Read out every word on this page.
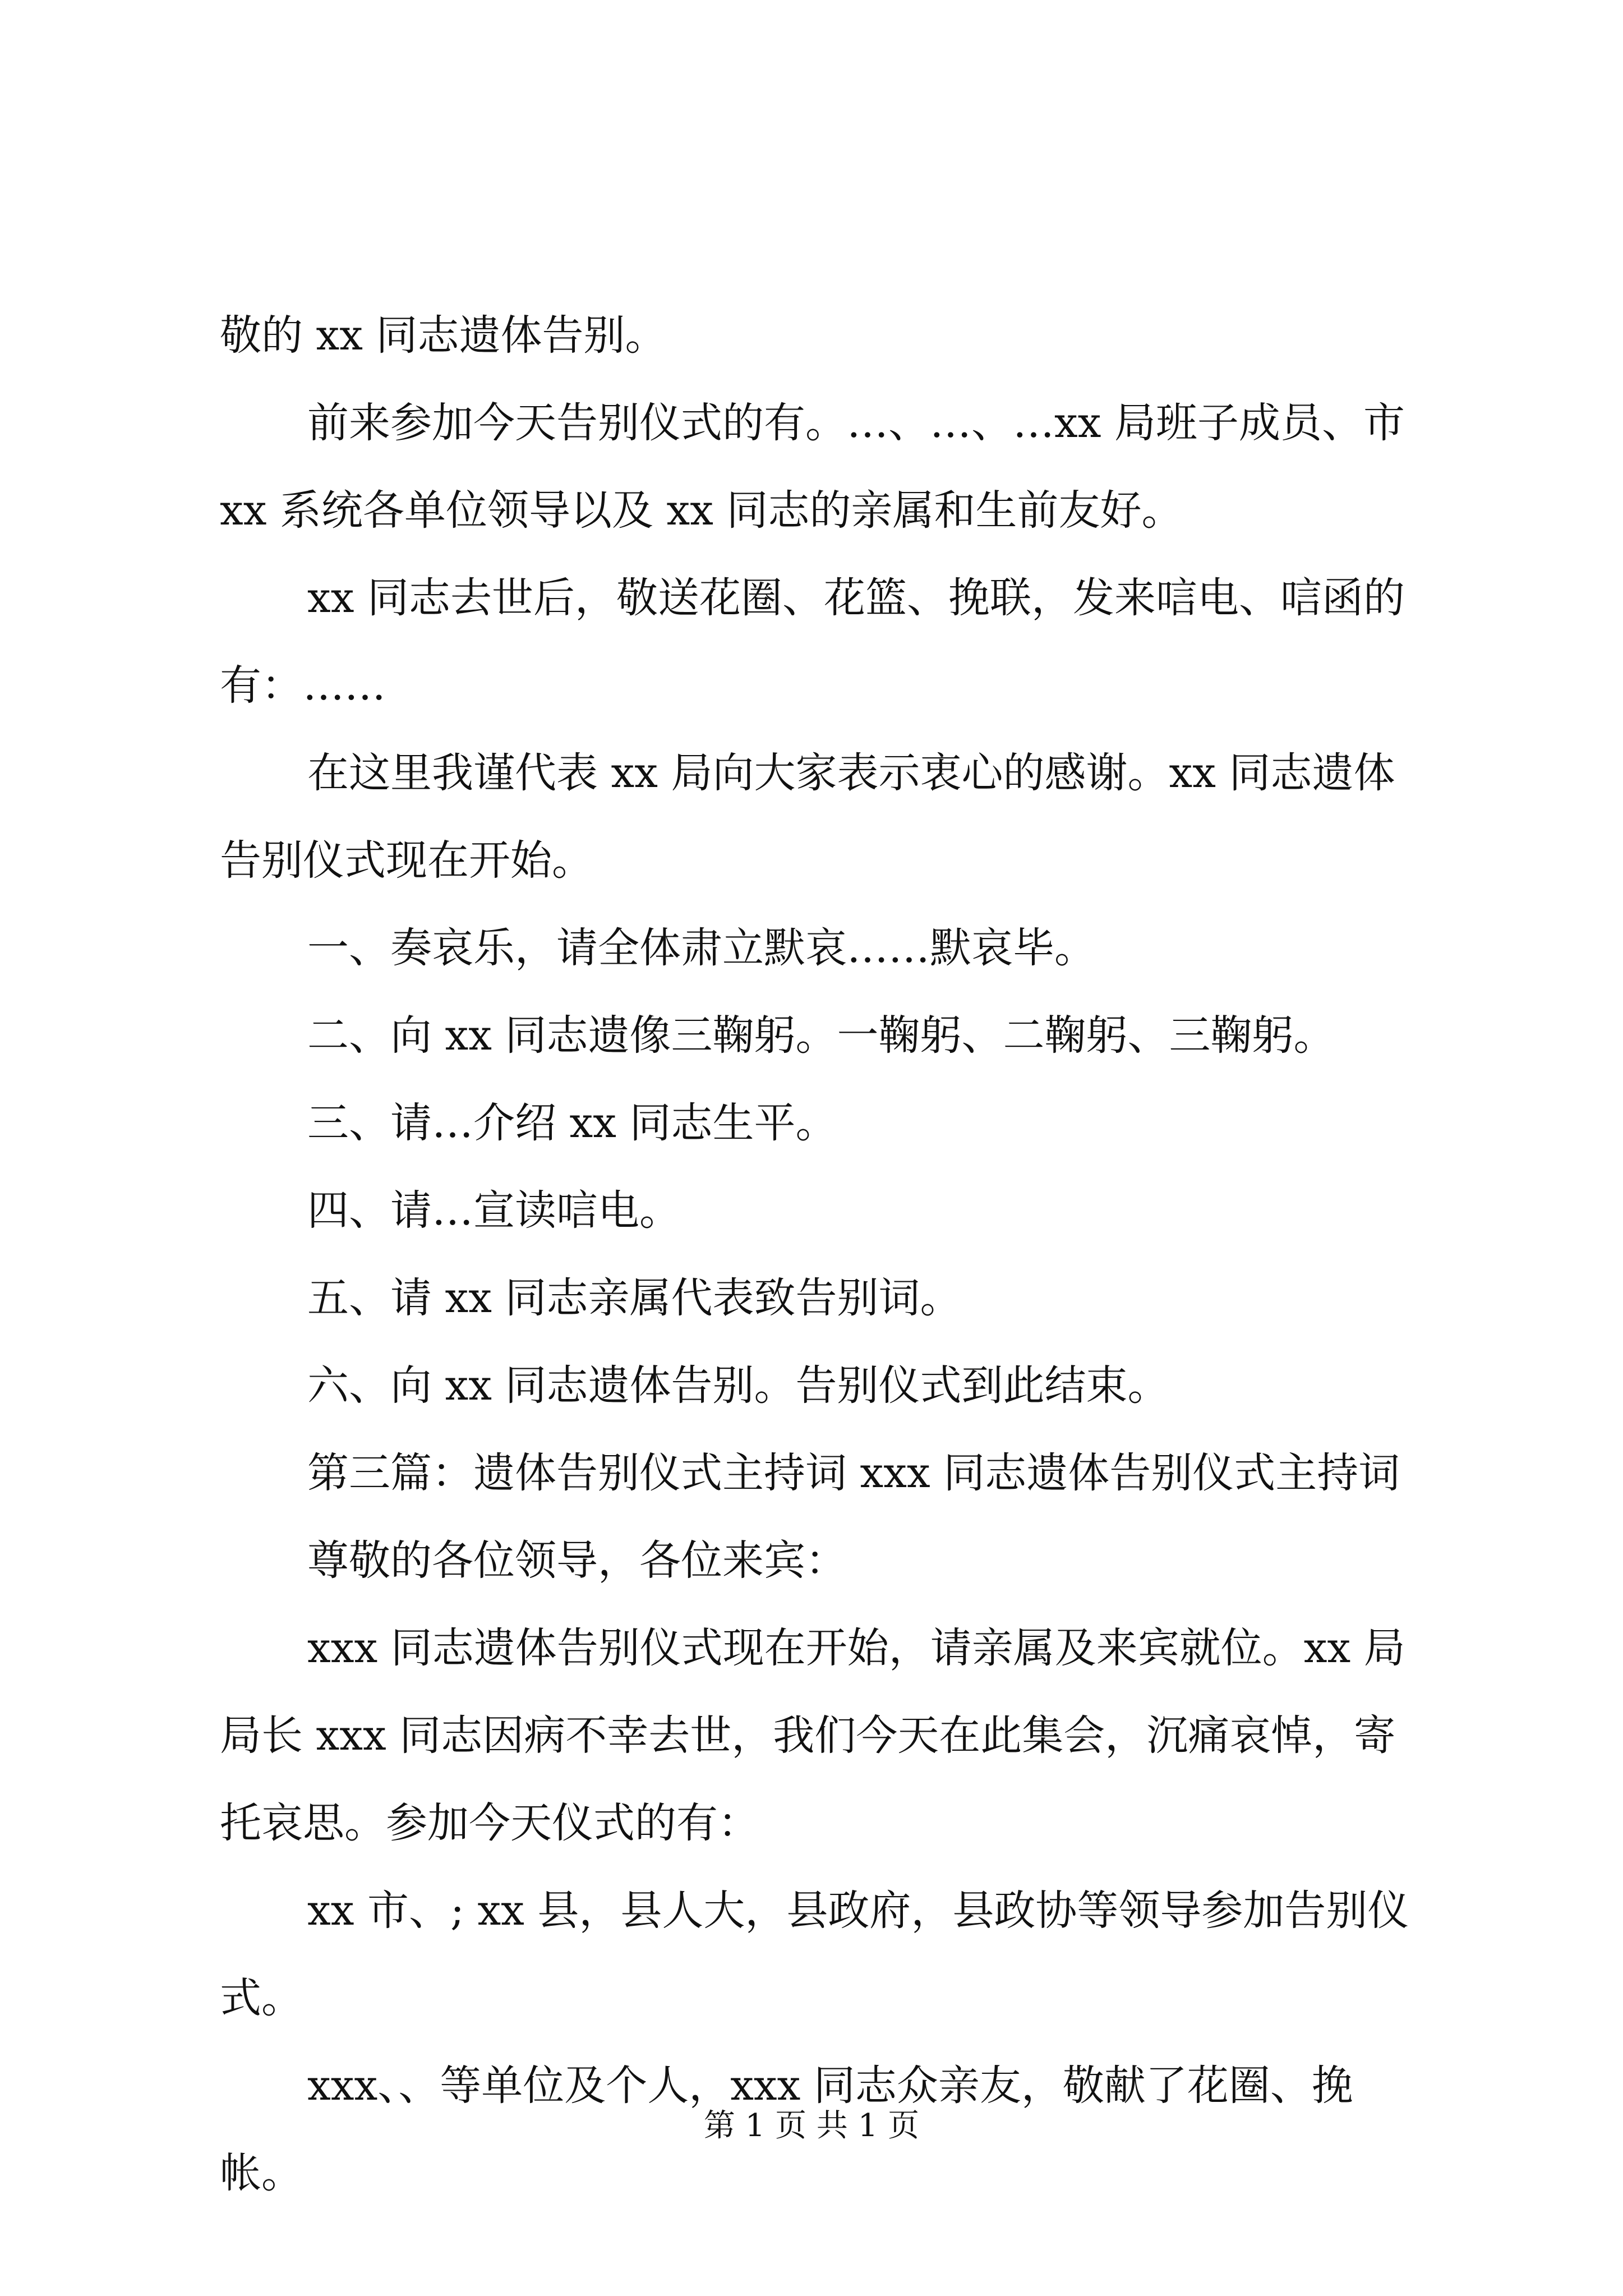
敬的 xx 同志遗体告别。

前来参加今天告别仪式的有。…、…、…xx 局班子成员、市 xx 系统各单位领导以及 xx 同志的亲属和生前友好。

xx 同志去世后，敬送花圈、花篮、挽联，发来唁电、唁函的有：……

在这里我谨代表 xx 局向大家表示衷心的感谢。xx 同志遗体告别仪式现在开始。

一、奏哀乐，请全体肃立默哀……默哀毕。

二、向 xx 同志遗像三鞠躬。一鞠躬、二鞠躬、三鞠躬。

三、请…介绍 xx 同志生平。

四、请…宣读唁电。

五、请 xx 同志亲属代表致告别词。

六、向 xx 同志遗体告别。告别仪式到此结束。

第三篇：遗体告别仪式主持词 xxx 同志遗体告别仪式主持词

尊敬的各位领导，各位来宾：

xxx 同志遗体告别仪式现在开始，请亲属及来宾就位。xx 局局长 xxx 同志因病不幸去世，我们今天在此集会，沉痛哀悼，寄托哀思。参加今天仪式的有：

xx 市、; xx 县，县人大，县政府，县政协等领导参加告别仪式。

xxx、、等单位及个人，xxx 同志众亲友，敬献了花圈、挽帐。

第 1 页 共 1 页
